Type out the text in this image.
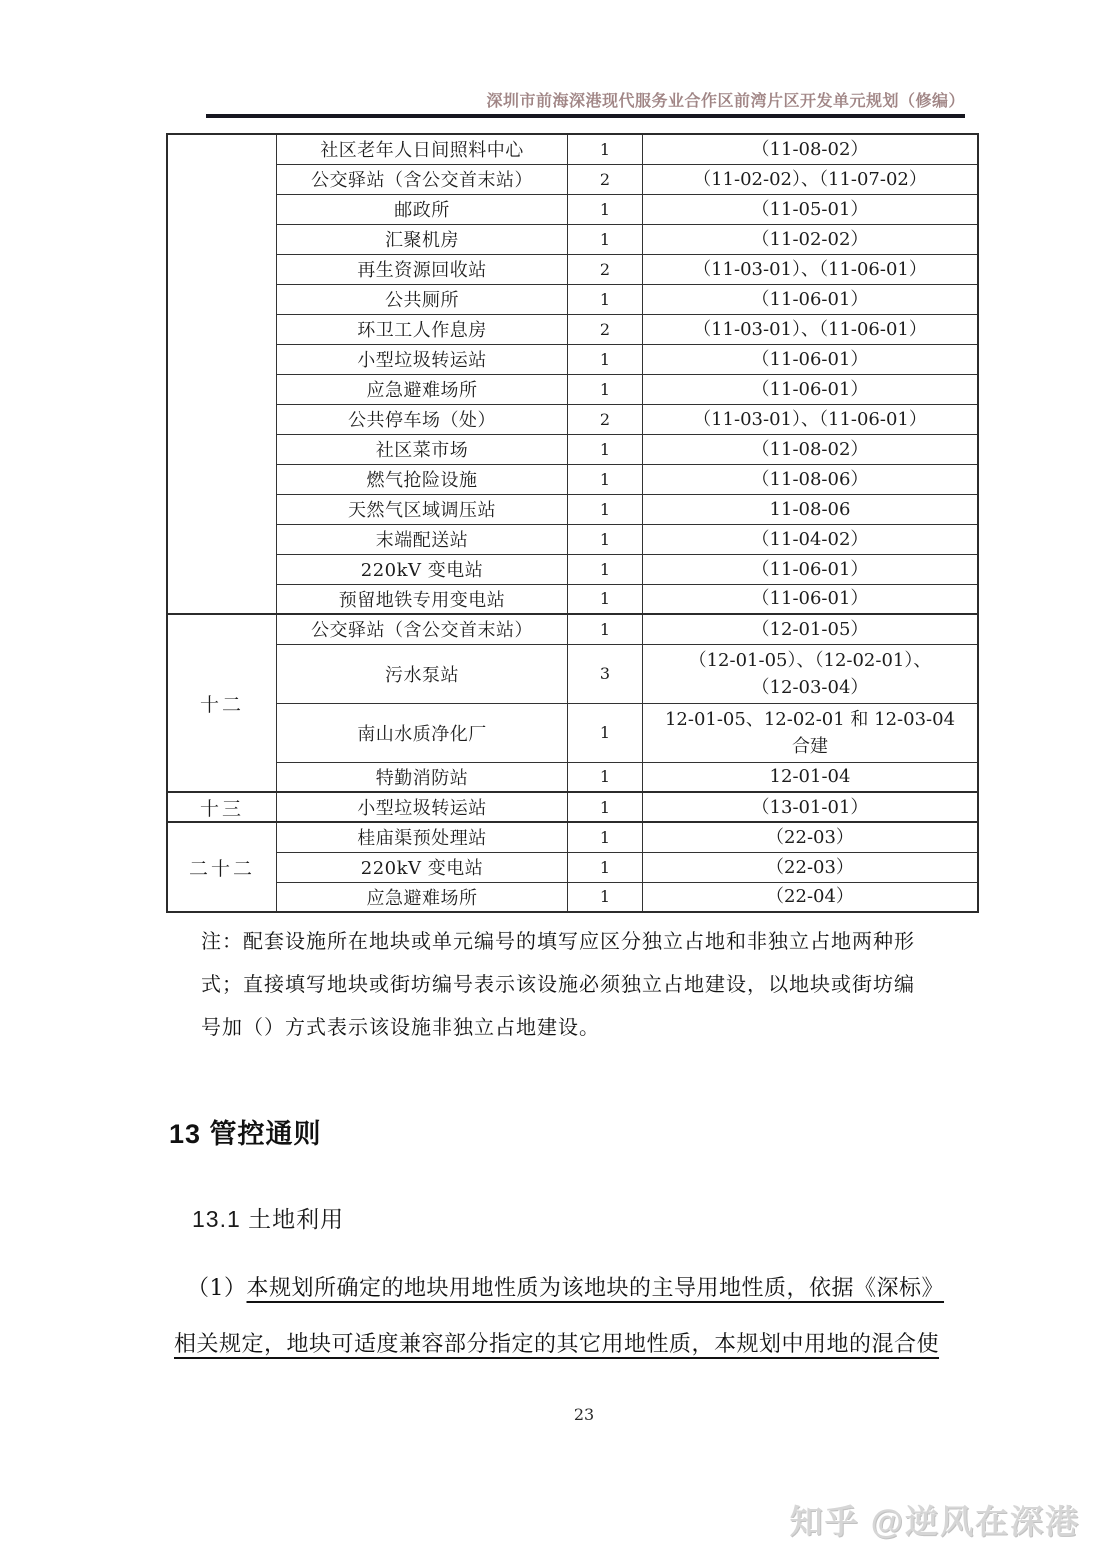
深圳市前海深港现代服务业合作区前湾片区开发单元规划（修编）
	社区老年人日间照料中心	1	（11-08-02）

	公交驿站（含公交首末站）	2	（11-02-02）、（11-07-02）

	邮政所	1	（11-05-01）

	汇聚机房	1	（11-02-02）

	再生资源回收站	2	（11-03-01）、（11-06-01）

	公共厕所	1	（11-06-01）

	环卫工人作息房	2	（11-03-01）、（11-06-01）

	小型垃圾转运站	1	（11-06-01）

	应急避难场所	1	（11-06-01）

	公共停车场（处）	2	（11-03-01）、（11-06-01）

	社区菜市场	1	（11-08-02）

	燃气抢险设施	1	（11-08-06）

	天然气区域调压站	1	11-08-06

	末端配送站	1	（11-04-02）

	220kV 变电站	1	（11-06-01）

	预留地铁专用变电站	1	（11-06-01）

十二	公交驿站（含公交首末站）	1	（12-01-05）

	污水泵站	3	（12-01-05）、（12-02-01）、
（12-03-04）

	南山水质净化厂	1	12-01-05、12-02-01 和 12-03-04
合建

	特勤消防站	1	12-01-04

十三	小型垃圾转运站	1	（13-01-01）

二十二	桂庙渠预处理站	1	（22-03）

	220kV 变电站	1	（22-03）

	应急避难场所	1	（22-04）
注：配套设施所在地块或单元编号的填写应区分独立占地和非独立占地两种形
式；直接填写地块或街坊编号表示该设施必须独立占地建设，以地块或街坊编
号加（）方式表示该设施非独立占地建设。
13 管控通则
13.1 土地利用
（1）本规划所确定的地块用地性质为该地块的主导用地性质，依据《深标》
相关规定，地块可适度兼容部分指定的其它用地性质，本规划中用地的混合使
23
知乎 @逆风在深港
